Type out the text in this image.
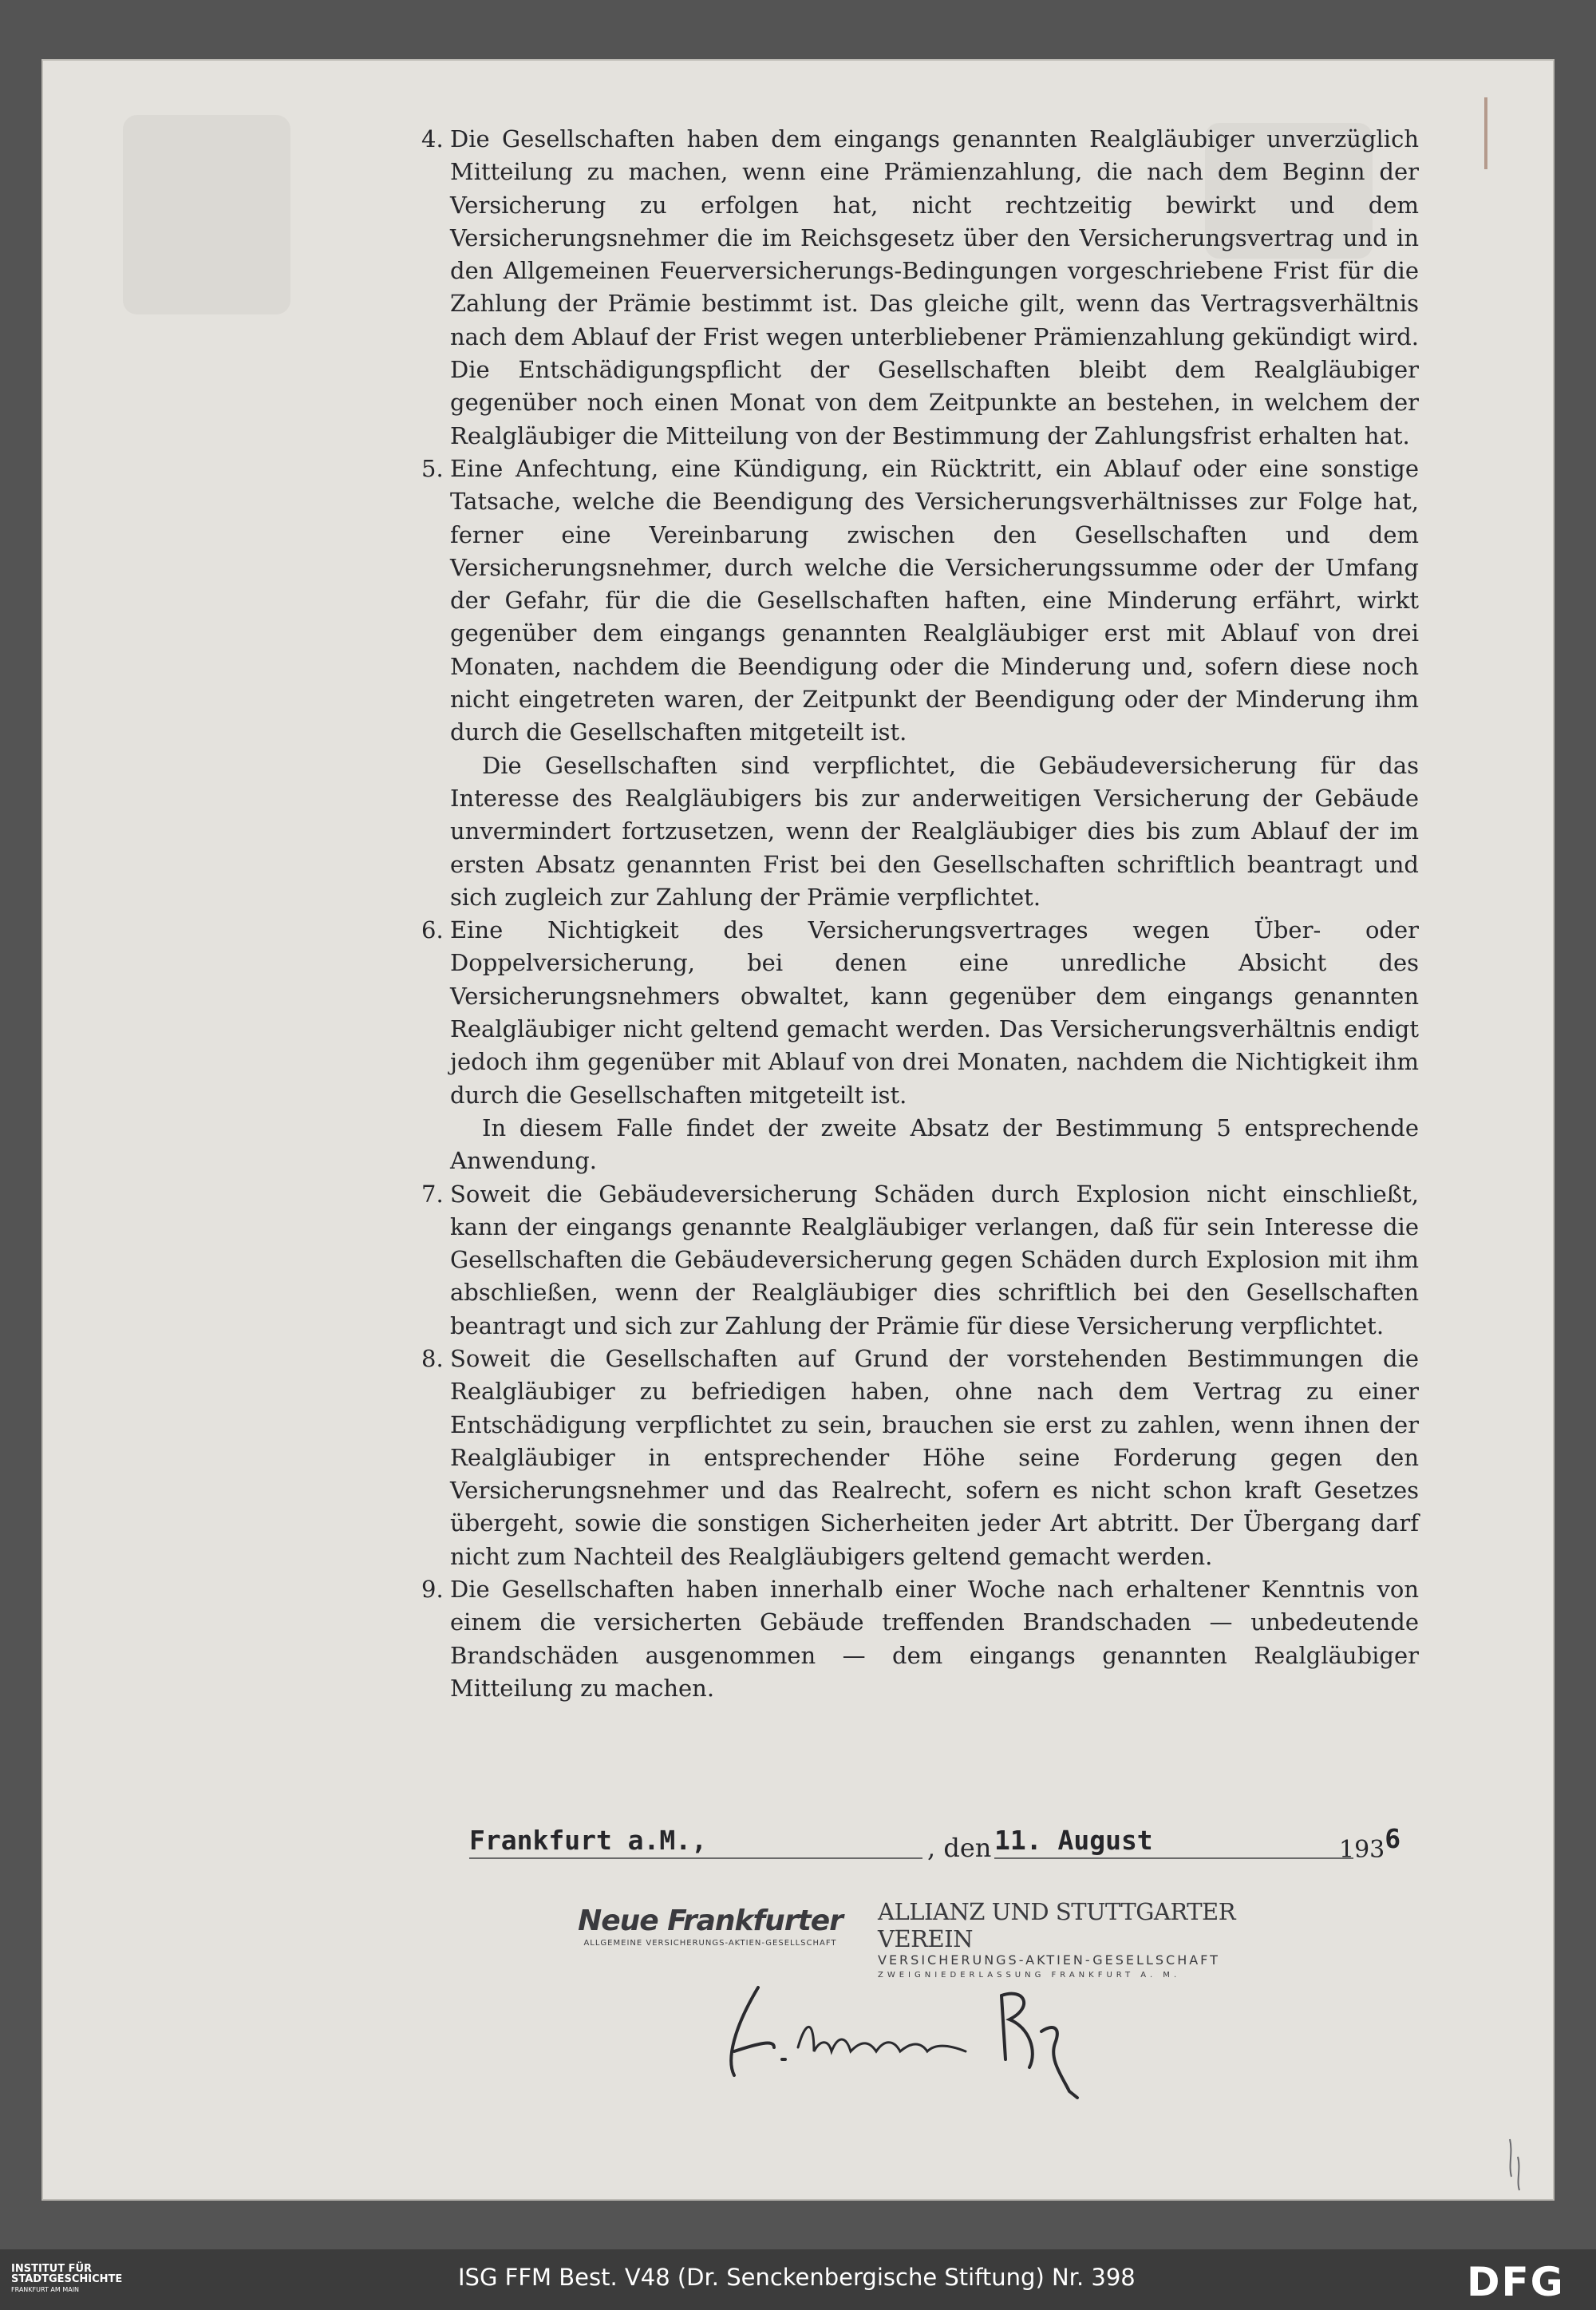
4. Die Gesellschaften haben dem eingangs genannten Realgläubiger unverzüglich Mitteilung zu machen, wenn eine Prämienzahlung, die nach dem Beginn der Versicherung zu erfolgen hat, nicht rechtzeitig bewirkt und dem Versicherungsnehmer die im Reichsgesetz über den Versicherungsvertrag und in den Allgemeinen Feuerversicherungs-Bedingungen vorgeschriebene Frist für die Zahlung der Prämie bestimmt ist. Das gleiche gilt, wenn das Vertragsverhältnis nach dem Ablauf der Frist wegen unterbliebener Prämienzahlung gekündigt wird. Die Entschädigungspflicht der Gesellschaften bleibt dem Realgläubiger gegenüber noch einen Monat von dem Zeitpunkte an bestehen, in welchem der Realgläubiger die Mitteilung von der Bestimmung der Zahlungsfrist erhalten hat.

5. Eine Anfechtung, eine Kündigung, ein Rücktritt, ein Ablauf oder eine sonstige Tatsache, welche die Beendigung des Versicherungsverhältnisses zur Folge hat, ferner eine Vereinbarung zwischen den Gesellschaften und dem Versicherungsnehmer, durch welche die Versicherungssumme oder der Umfang der Gefahr, für die die Gesellschaften haften, eine Minderung erfährt, wirkt gegenüber dem eingangs genannten Realgläubiger erst mit Ablauf von drei Monaten, nachdem die Beendigung oder die Minderung und, sofern diese noch nicht eingetreten waren, der Zeitpunkt der Beendigung oder der Minderung ihm durch die Gesellschaften mitgeteilt ist.

Die Gesellschaften sind verpflichtet, die Gebäudeversicherung für das Interesse des Realgläubigers bis zur anderweitigen Versicherung der Gebäude unvermindert fortzusetzen, wenn der Realgläubiger dies bis zum Ablauf der im ersten Absatz genannten Frist bei den Gesellschaften schriftlich beantragt und sich zugleich zur Zahlung der Prämie verpflichtet.

6. Eine Nichtigkeit des Versicherungsvertrages wegen Über- oder Doppelversicherung, bei denen eine unredliche Absicht des Versicherungsnehmers obwaltet, kann gegenüber dem eingangs genannten Realgläubiger nicht geltend gemacht werden. Das Versicherungsverhältnis endigt jedoch ihm gegenüber mit Ablauf von drei Monaten, nachdem die Nichtigkeit ihm durch die Gesellschaften mitgeteilt ist.

In diesem Falle findet der zweite Absatz der Bestimmung 5 entsprechende Anwendung.

7. Soweit die Gebäudeversicherung Schäden durch Explosion nicht einschließt, kann der eingangs genannte Realgläubiger verlangen, daß für sein Interesse die Gesellschaften die Gebäudeversicherung gegen Schäden durch Explosion mit ihm abschließen, wenn der Realgläubiger dies schriftlich bei den Gesellschaften beantragt und sich zur Zahlung der Prämie für diese Versicherung verpflichtet.

8. Soweit die Gesellschaften auf Grund der vorstehenden Bestimmungen die Realgläubiger zu befriedigen haben, ohne nach dem Vertrag zu einer Entschädigung verpflichtet zu sein, brauchen sie erst zu zahlen, wenn ihnen der Realgläubiger in entsprechender Höhe seine Forderung gegen den Versicherungsnehmer und das Realrecht, sofern es nicht schon kraft Gesetzes übergeht, sowie die sonstigen Sicherheiten jeder Art abtritt. Der Übergang darf nicht zum Nachteil des Realgläubigers geltend gemacht werden.

9. Die Gesellschaften haben innerhalb einer Woche nach erhaltener Kenntnis von einem die versicherten Gebäude treffenden Brandschaden — unbedeutende Brandschäden ausgenommen — dem eingangs genannten Realgläubiger Mitteilung zu machen.

Frankfurt a.M.,	, den 11. August	1936
Neue Frankfurter
ALLGEMEINE VERSICHERUNGS-AKTIEN-GESELLSCHAFT
ALLIANZ UND STUTTGARTER VEREIN
VERSICHERUNGS-AKTIEN-GESELLSCHAFT
ZWEIGNIEDERLASSUNG FRANKFURT A. M.
INSTITUT FÜR
STADTGESCHICHTE
FRANKFURT AM MAIN	ISG FFM Best. V48 (Dr. Senckenbergische Stiftung) Nr. 398	DFG
